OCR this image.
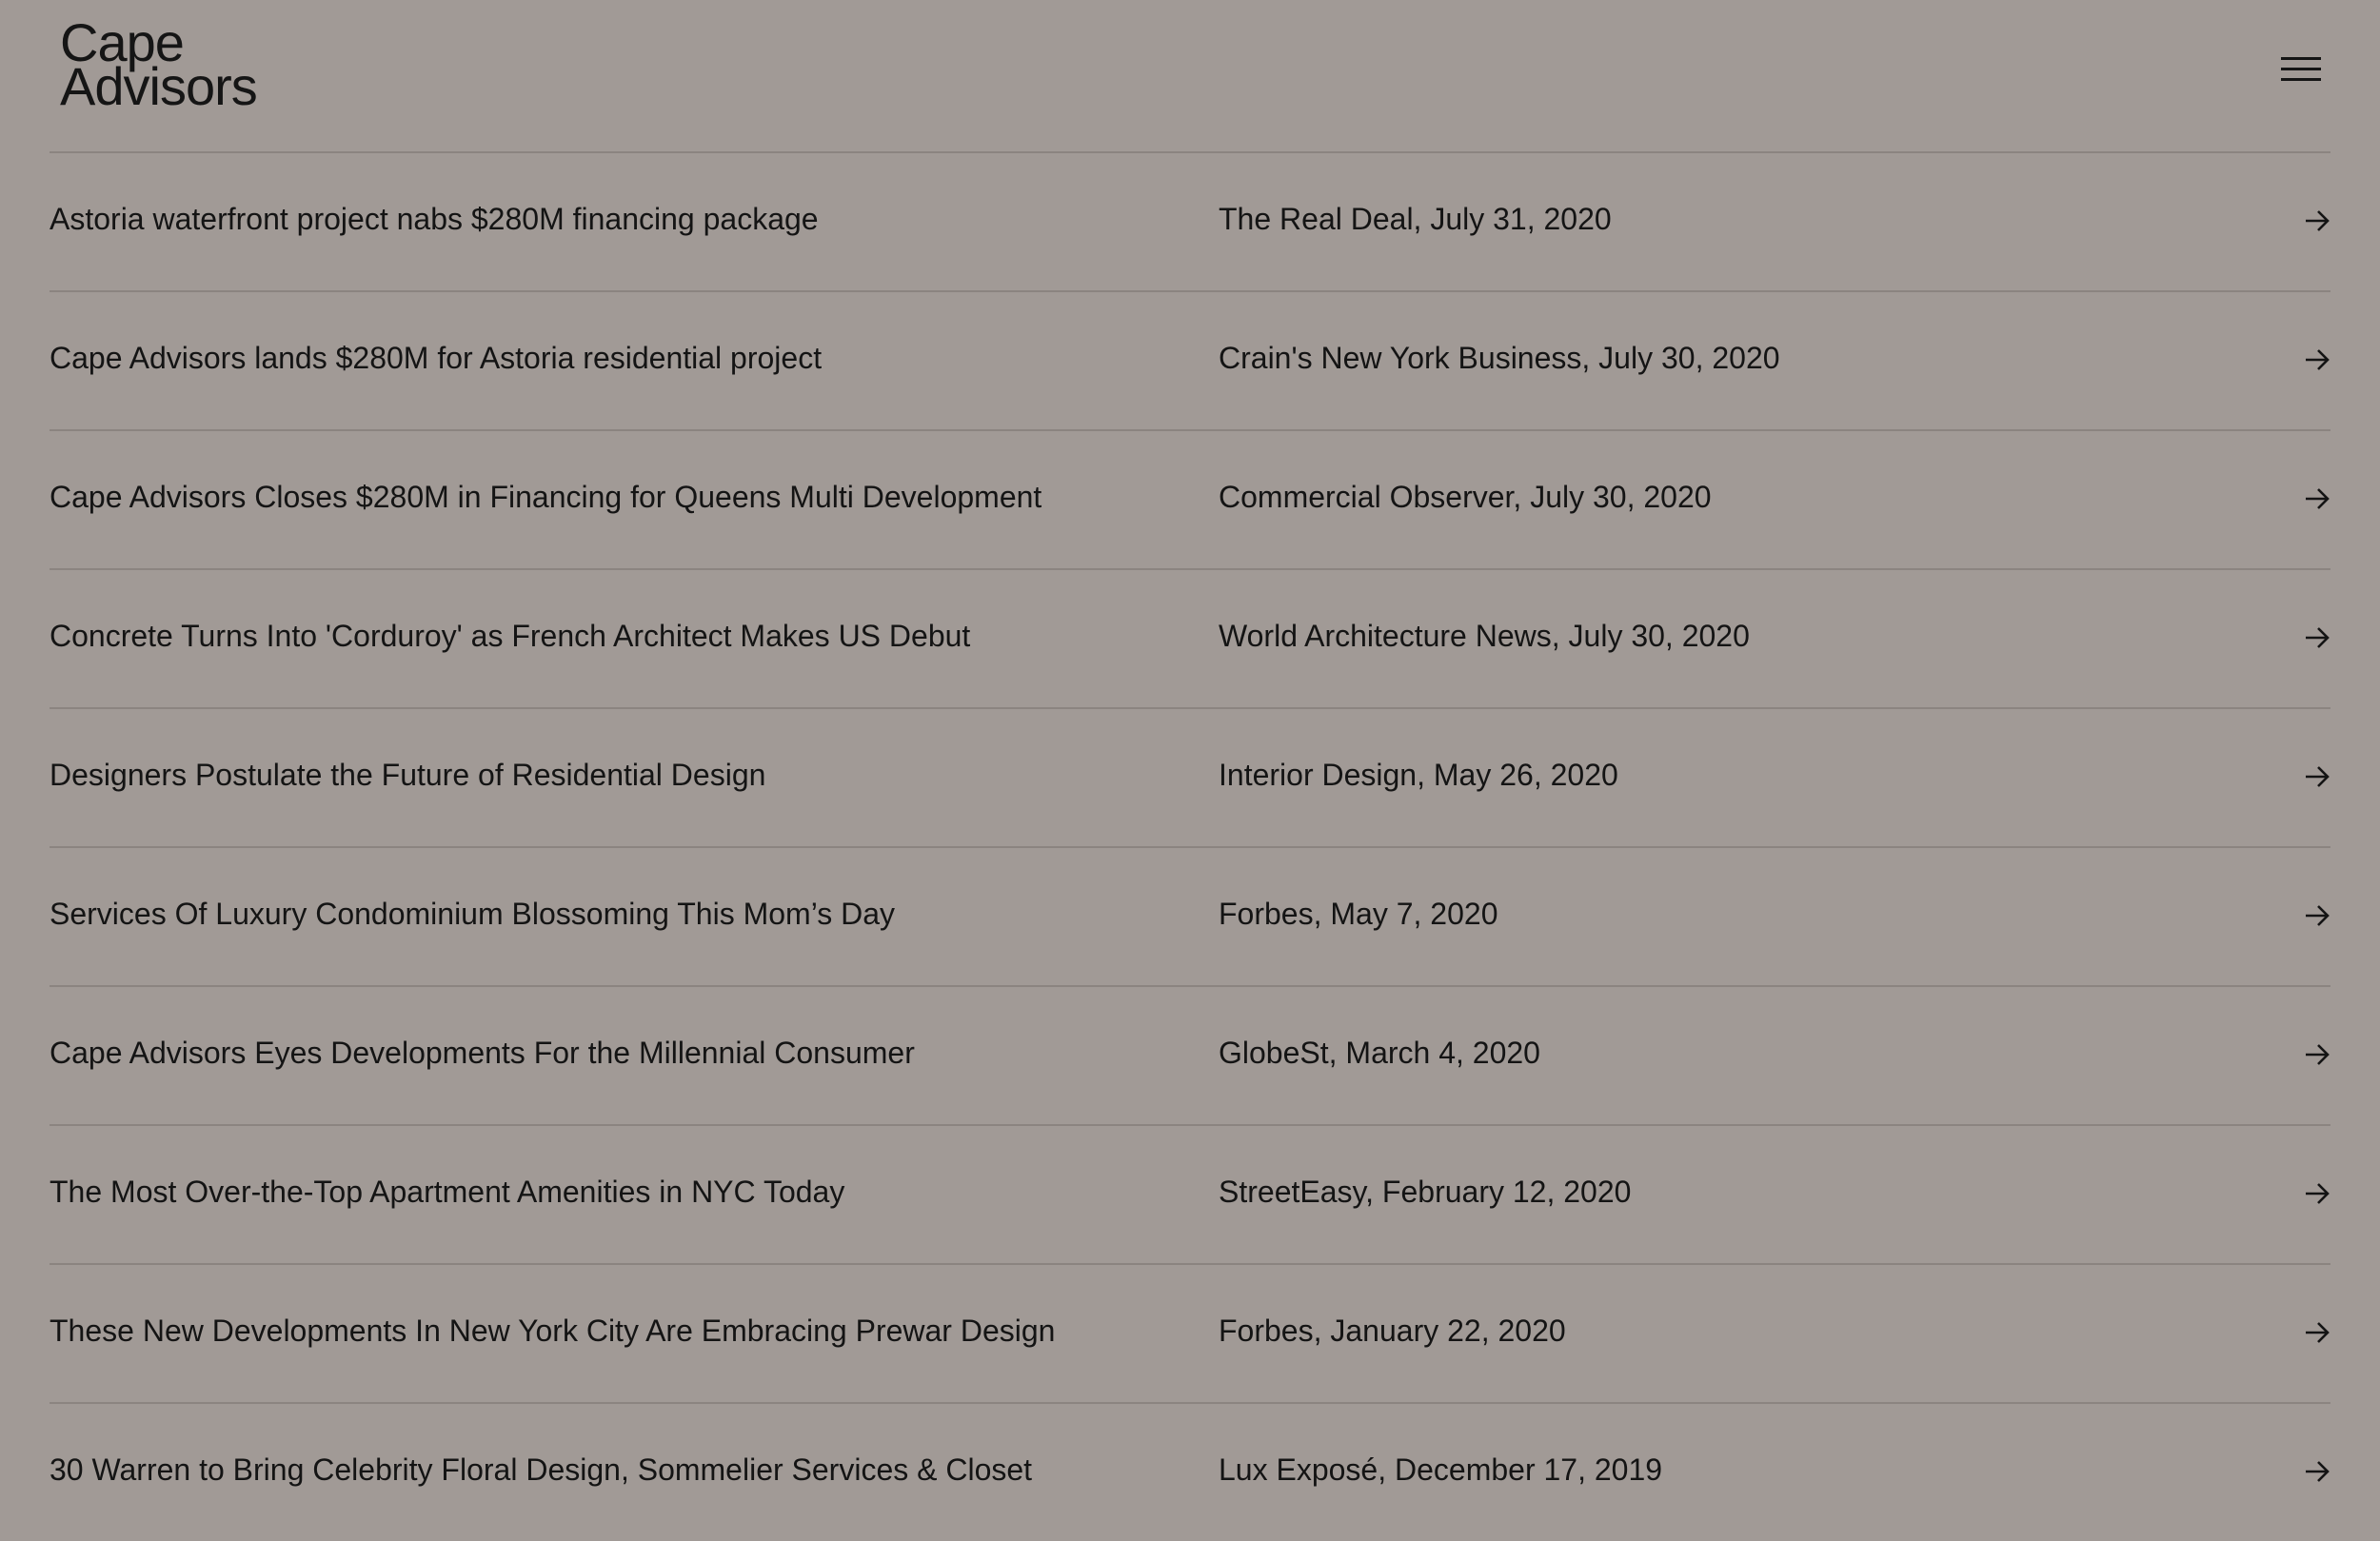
Cape
Advisors
Astoria waterfront project nabs $280M financing package	The Real Deal, July 31, 2020
Cape Advisors lands $280M for Astoria residential project	Crain's New York Business, July 30, 2020
Cape Advisors Closes $280M in Financing for Queens Multi Development	Commercial Observer, July 30, 2020
Concrete Turns Into 'Corduroy' as French Architect Makes US Debut	World Architecture News, July 30, 2020
Designers Postulate the Future of Residential Design	Interior Design, May 26, 2020
Services Of Luxury Condominium Blossoming This Mom’s Day	Forbes, May 7, 2020
Cape Advisors Eyes Developments For the Millennial Consumer	GlobeSt, March 4, 2020
The Most Over-the-Top Apartment Amenities in NYC Today	StreetEasy, February 12, 2020
These New Developments In New York City Are Embracing Prewar Design	Forbes, January 22, 2020
30 Warren to Bring Celebrity Floral Design, Sommelier Services & Closet	Lux Exposé, December 17, 2019
